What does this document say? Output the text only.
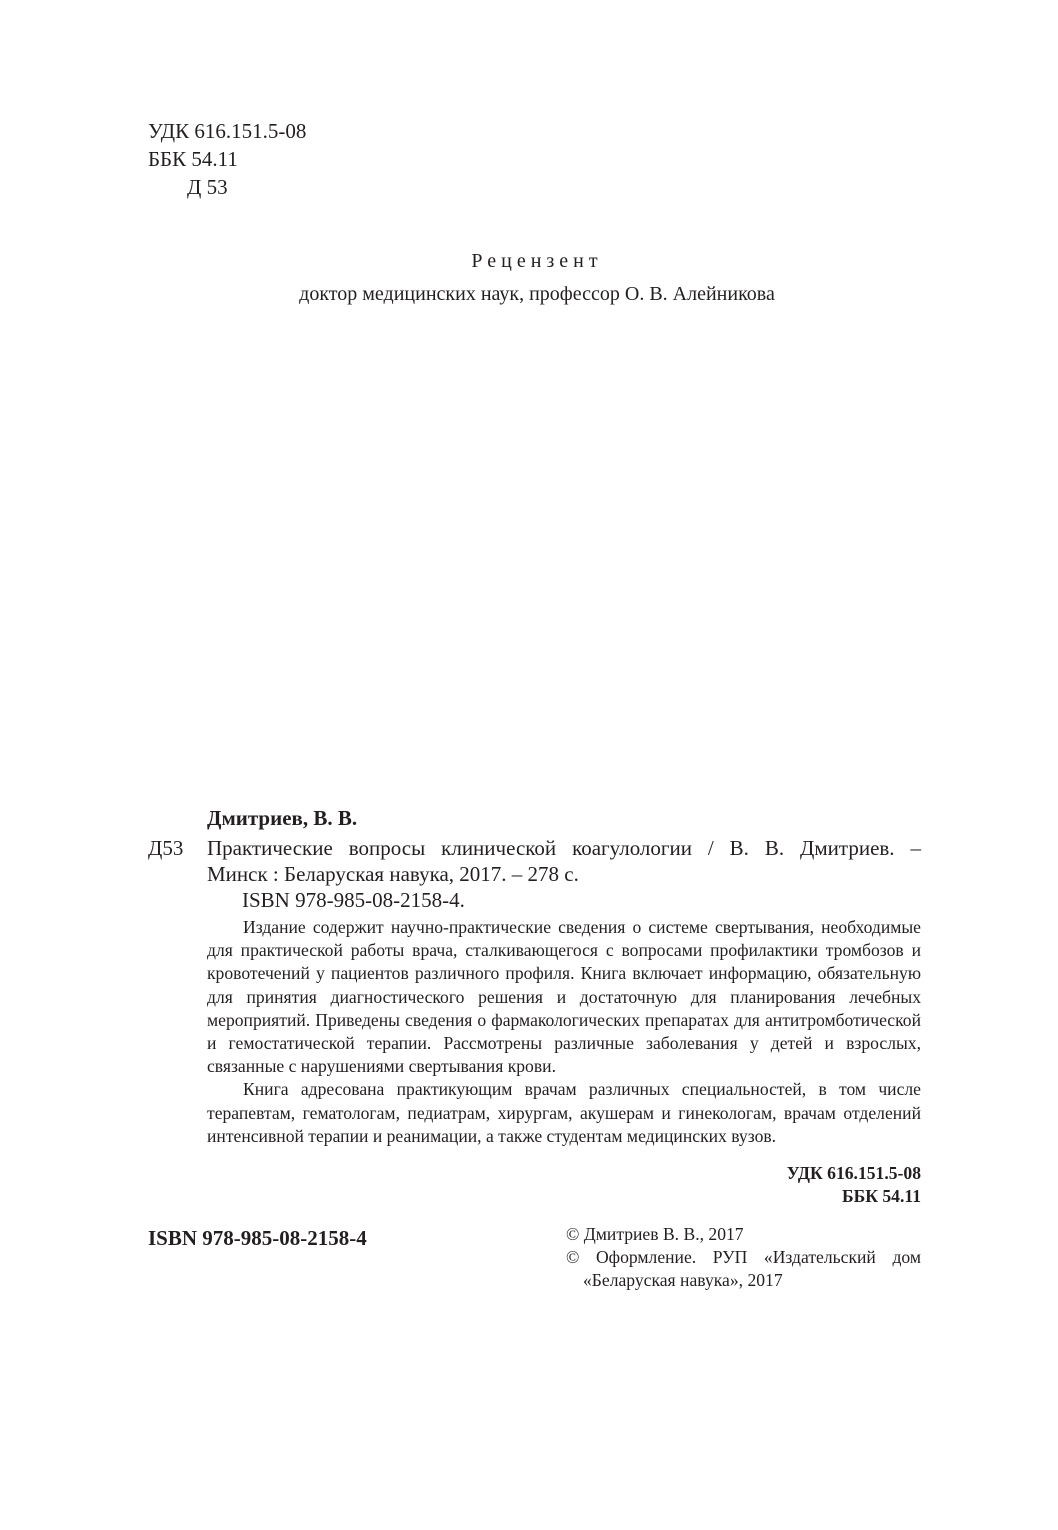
УДК 616.151.5-08
ББК 54.11
Д 53
Рецензент
доктор медицинских наук, профессор О. В. Алейникова
Дмитриев, В. В.
Д53 Практические вопросы клинической коагулологии / В. В. Дмитриев. –
Минск : Беларуская навука, 2017. – 278 с.
ISBN 978-985-08-2158-4.

Издание содержит научно-практические сведения о системе свертывания, необходимые для практической работы врача, сталкивающегося с вопросами профилактики тромбозов и кровотечений у пациентов различного профиля. Книга включает информацию, обязательную для принятия диагностического решения и достаточную для планирования лечебных мероприятий. Приведены сведения о фармакологических препаратах для антитромботической и гемостатической терапии. Рассмотрены различные заболевания у детей и взрослых, связанные с нарушениями свертывания крови.

Книга адресована практикующим врачам различных специальностей, в том числе терапевтам, гематологам, педиатрам, хирургам, акушерам и гинекологам, врачам отделений интенсивной терапии и реанимации, а также студентам медицинских вузов.

УДК 616.151.5-08
ББК 54.11
ISBN 978-985-08-2158-4	© Дмитриев В. В., 2017
© Оформление. РУП «Издательский дом
«Беларуская навука», 2017
